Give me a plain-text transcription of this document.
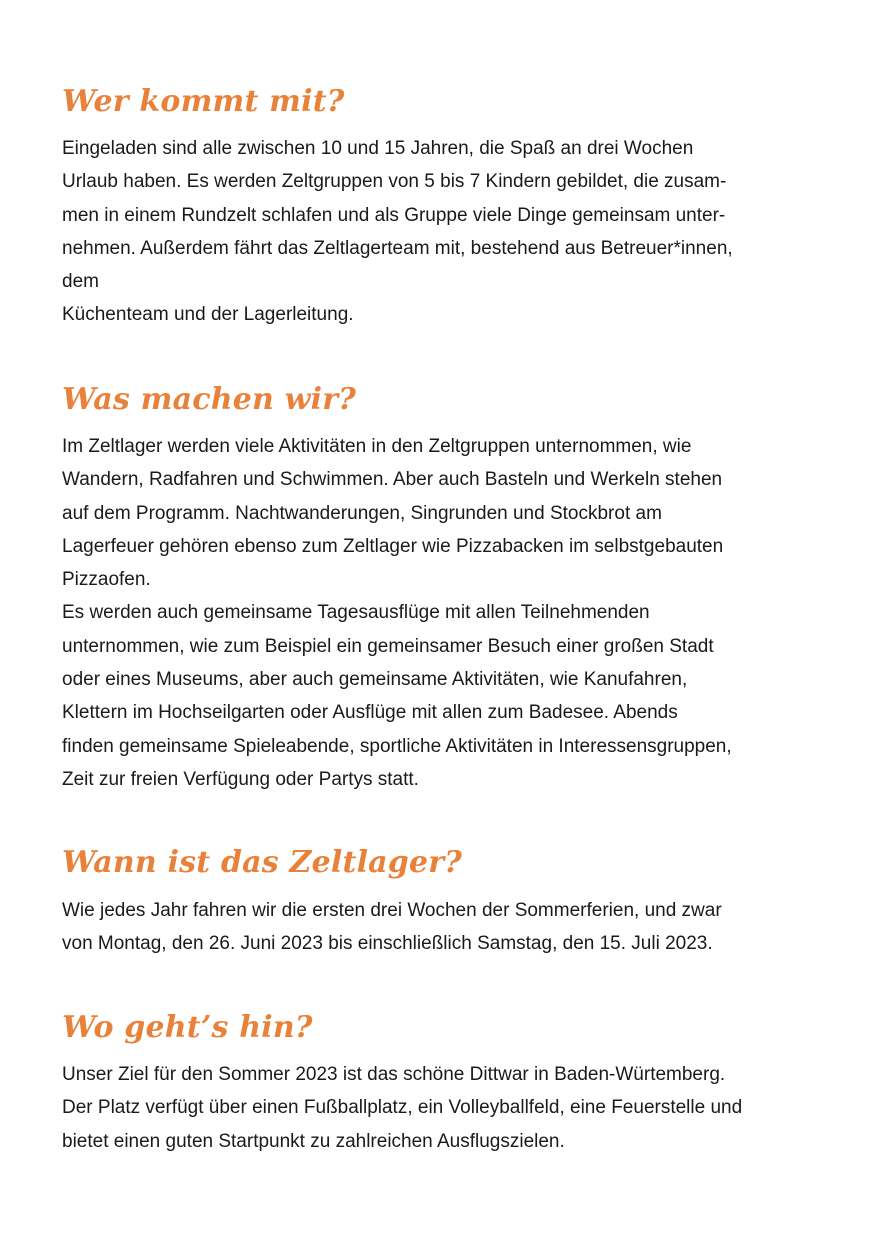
Wer kommt mit?
Eingeladen sind alle zwischen 10 und 15 Jahren, die Spaß an drei Wochen
Urlaub haben. Es werden Zeltgruppen von 5 bis 7 Kindern gebildet, die zusam-
men in einem Rundzelt schlafen und als Gruppe viele Dinge gemeinsam unter-
nehmen. Außerdem fährt das Zeltlagerteam mit, bestehend aus Betreuer*innen,
dem
Küchenteam und der Lagerleitung.
Was machen wir?
Im Zeltlager werden viele Aktivitäten in den Zeltgruppen unternommen, wie
Wandern, Radfahren und Schwimmen. Aber auch Basteln und Werkeln stehen
auf dem Programm. Nachtwanderungen, Singrunden und Stockbrot am
Lagerfeuer gehören ebenso zum Zeltlager wie Pizzabacken im selbstgebauten
Pizzaofen.
Es werden auch gemeinsame Tagesausflüge mit allen Teilnehmenden
unternommen, wie zum Beispiel ein gemeinsamer Besuch einer großen Stadt
oder eines Museums, aber auch gemeinsame Aktivitäten, wie Kanufahren,
Klettern im Hochseilgarten oder Ausflüge mit allen zum Badesee. Abends
finden gemeinsame Spieleabende, sportliche Aktivitäten in Interessensgruppen,
Zeit zur freien Verfügung oder Partys statt.
Wann ist das Zeltlager?
Wie jedes Jahr fahren wir die ersten drei Wochen der Sommerferien, und zwar
von Montag, den 26. Juni 2023 bis einschließlich Samstag, den 15. Juli 2023.
Wo geht’s hin?
Unser Ziel für den Sommer 2023 ist das schöne Dittwar in Baden-Würtemberg.
Der Platz verfügt über einen Fußballplatz, ein Volleyballfeld, eine Feuerstelle und
bietet einen guten Startpunkt zu zahlreichen Ausflugszielen.
